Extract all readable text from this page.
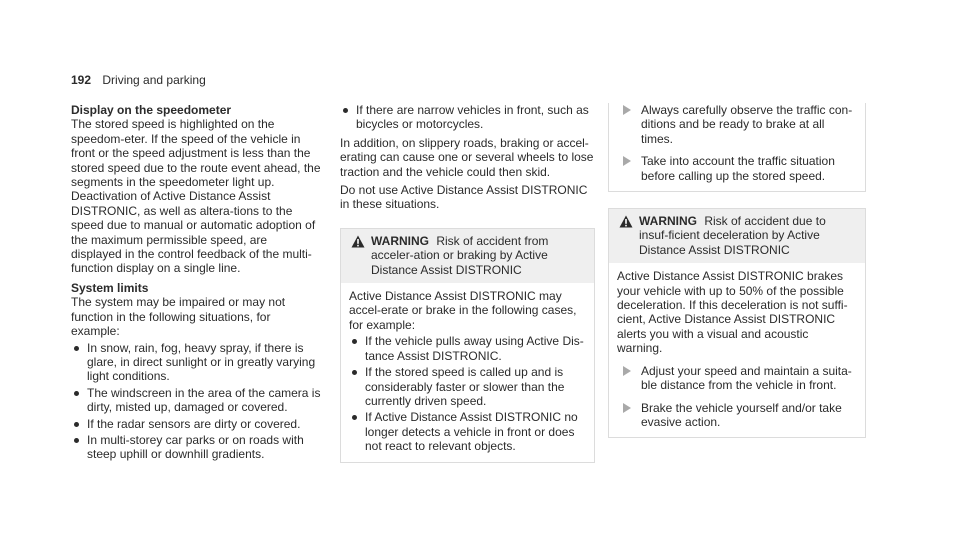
192 Driving and parking
Display on the speedometer

The stored speed is highlighted on the speedom-eter. If the speed of the vehicle in front or the speed adjustment is less than the stored speed due to the route event ahead, the segments in the speedometer light up. Deactivation of Active Distance Assist DISTRONIC, as well as altera-tions to the speed due to manual or automatic adoption of the maximum permissible speed, are displayed in the control feedback of the multi-function display on a single line.

System limits

The system may be impaired or may not function in the following situations, for example:

In snow, rain, fog, heavy spray, if there is glare, in direct sunlight or in greatly varying light conditions.
The windscreen in the area of the camera is dirty, misted up, damaged or covered.
If the radar sensors are dirty or covered.
In multi-storey car parks or on roads with steep uphill or downhill gradients.
If there are narrow vehicles in front, such as bicycles or motorcycles.

In addition, on slippery roads, braking or accel-erating can cause one or several wheels to lose traction and the vehicle could then skid.

Do not use Active Distance Assist DISTRONIC in these situations.

WARNING Risk of accident from acceler-ation or braking by Active Distance Assist DISTRONIC

Active Distance Assist DISTRONIC may accel-erate or brake in the following cases, for example:

If the vehicle pulls away using Active Dis-tance Assist DISTRONIC.
If the stored speed is called up and is considerably faster or slower than the currently driven speed.
If Active Distance Assist DISTRONIC no longer detects a vehicle in front or does not react to relevant objects.
Always carefully observe the traffic con-ditions and be ready to brake at all times.
Take into account the traffic situation before calling up the stored speed.
WARNING Risk of accident due to insuf-ficient deceleration by Active Distance Assist DISTRONIC

Active Distance Assist DISTRONIC brakes your vehicle with up to 50% of the possible deceleration. If this deceleration is not suffi-cient, Active Distance Assist DISTRONIC alerts you with a visual and acoustic warning.

Adjust your speed and maintain a suita-ble distance from the vehicle in front.
Brake the vehicle yourself and/or take evasive action.
